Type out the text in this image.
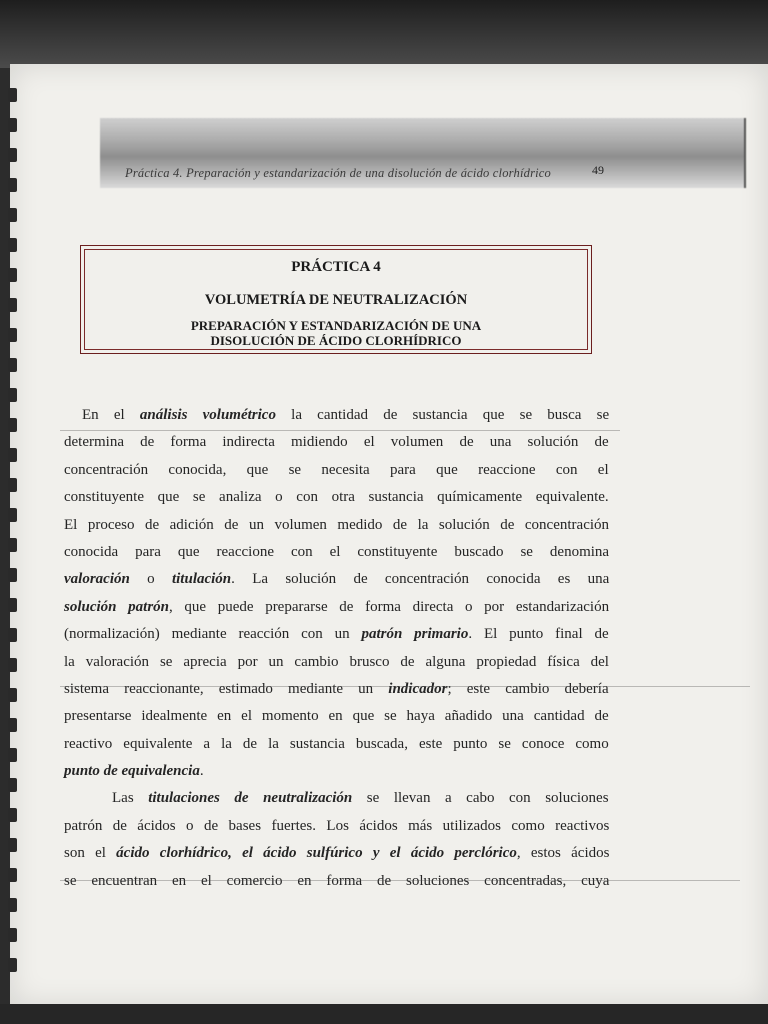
Práctica 4. Preparación y estandarización de una disolución de ácido clorhídrico	49
PRÁCTICA 4
VOLUMETRÍA DE NEUTRALIZACIÓN
PREPARACIÓN Y ESTANDARIZACIÓN DE UNA
DISOLUCIÓN DE ÁCIDO CLORHÍDRICO
En el análisis volumétrico la cantidad de sustancia que se busca se
determina de forma indirecta midiendo el volumen de una solución de
concentración conocida, que se necesita para que reaccione con el
constituyente que se analiza o con otra sustancia químicamente equivalente.
El proceso de adición de un volumen medido de la solución de concentración
conocida para que reaccione con el constituyente buscado se denomina
valoración o titulación. La solución de concentración conocida es una
solución patrón, que puede prepararse de forma directa o por estandarización
(normalización) mediante reacción con un patrón primario. El punto final de
la valoración se aprecia por un cambio brusco de alguna propiedad física del
sistema reaccionante, estimado mediante un indicador; este cambio debería
presentarse idealmente en el momento en que se haya añadido una cantidad de
reactivo equivalente a la de la sustancia buscada, este punto se conoce como
punto de equivalencia.
Las titulaciones de neutralización se llevan a cabo con soluciones
patrón de ácidos o de bases fuertes. Los ácidos más utilizados como reactivos
son el ácido clorhídrico, el ácido sulfúrico y el ácido perclórico, estos ácidos
se encuentran en el comercio en forma de soluciones concentradas, cuya
